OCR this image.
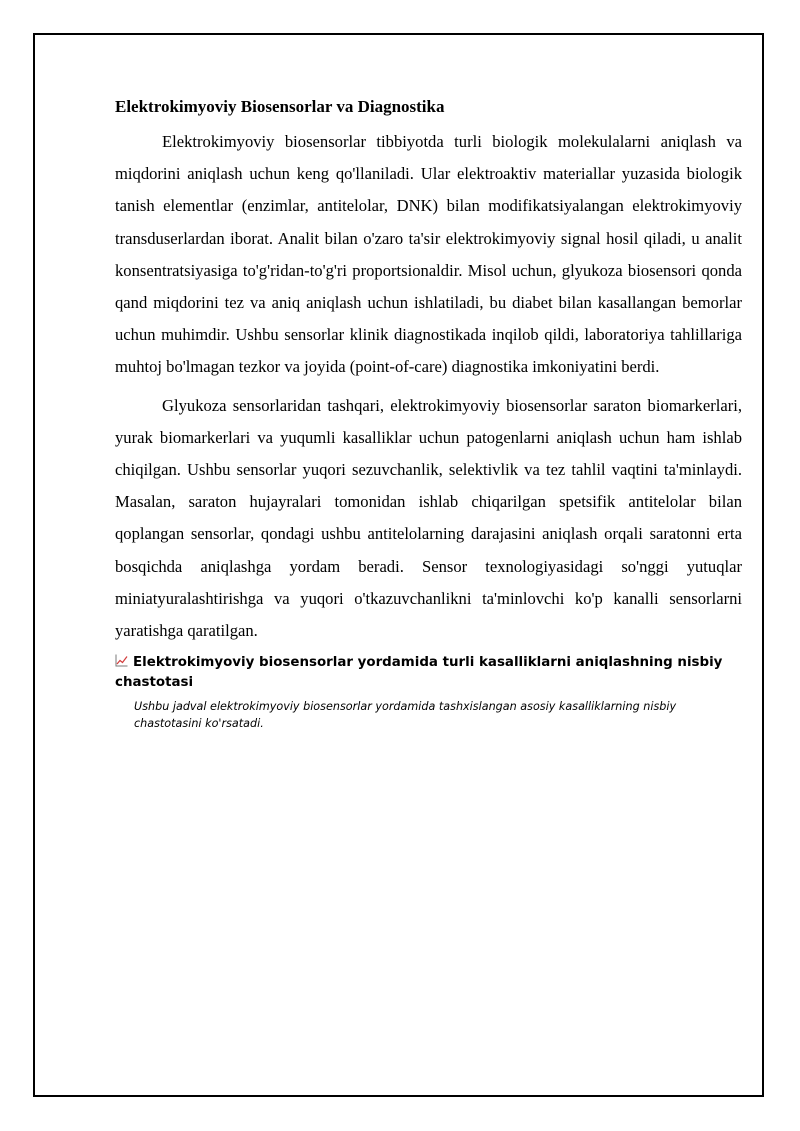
Elektrokimyoviy Biosensorlar va Diagnostika

Elektrokimyoviy biosensorlar tibbiyotda turli biologik molekulalarni aniqlash va miqdorini aniqlash uchun keng qo'llaniladi. Ular elektroaktiv materiallar yuzasida biologik tanish elementlar (enzimlar, antitelolar, DNK) bilan modifikatsiyalangan elektrokimyoviy transduserlardan iborat. Analit bilan o'zaro ta'sir elektrokimyoviy signal hosil qiladi, u analit konsentratsiyasiga to'g'ridan-to'g'ri proportsionaldir. Misol uchun, glyukoza biosensori qonda qand miqdorini tez va aniq aniqlash uchun ishlatiladi, bu diabet bilan kasallangan bemorlar uchun muhimdir. Ushbu sensorlar klinik diagnostikada inqilob qildi, laboratoriya tahlillariga muhtoj bo'lmagan tezkor va joyida (point-of-care) diagnostika imkoniyatini berdi.

Glyukoza sensorlaridan tashqari, elektrokimyoviy biosensorlar saraton biomarkerlari, yurak biomarkerlari va yuqumli kasalliklar uchun patogenlarni aniqlash uchun ham ishlab chiqilgan. Ushbu sensorlar yuqori sezuvchanlik, selektivlik va tez tahlil vaqtini ta'minlaydi. Masalan, saraton hujayralari tomonidan ishlab chiqarilgan spetsifik antitelolar bilan qoplangan sensorlar, qondagi ushbu antitelolarning darajasini aniqlash orqali saratonni erta bosqichda aniqlashga yordam beradi. Sensor texnologiyasidagi so'nggi yutuqlar miniatyuralashtirishga va yuqori o'tkazuvchanlikni ta'minlovchi ko'p kanalli sensorlarni yaratishga qaratilgan.

Elektrokimyoviy biosensorlar yordamida turli kasalliklarni aniqlashning nisbiy chastotasi

Ushbu jadval elektrokimyoviy biosensorlar yordamida tashxislangan asosiy kasalliklarning nisbiy chastotasini ko'rsatadi.
